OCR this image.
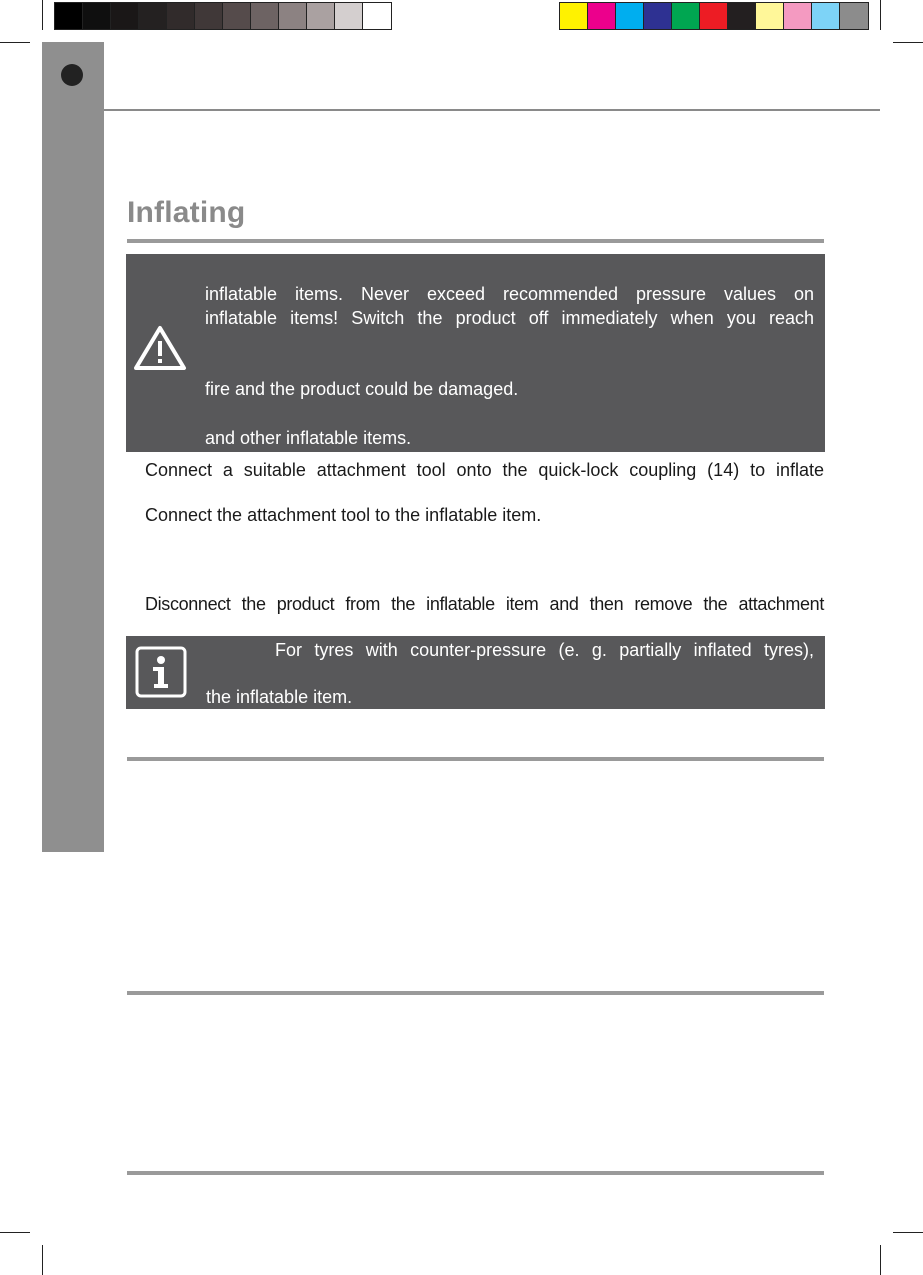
Inflating
inflatable items. Never exceed recommended pressure values on
inflatable items! Switch the product off immediately when you reach
fire and the product could be damaged.
and other inflatable items.
Connect a suitable attachment tool onto the quick-lock coupling (14) to inflate
Connect the attachment tool to the inflatable item.
Disconnect the product from the inflatable item and then remove the attachment
For tyres with counter-pressure (e. g. partially inflated tyres),
the inflatable item.
